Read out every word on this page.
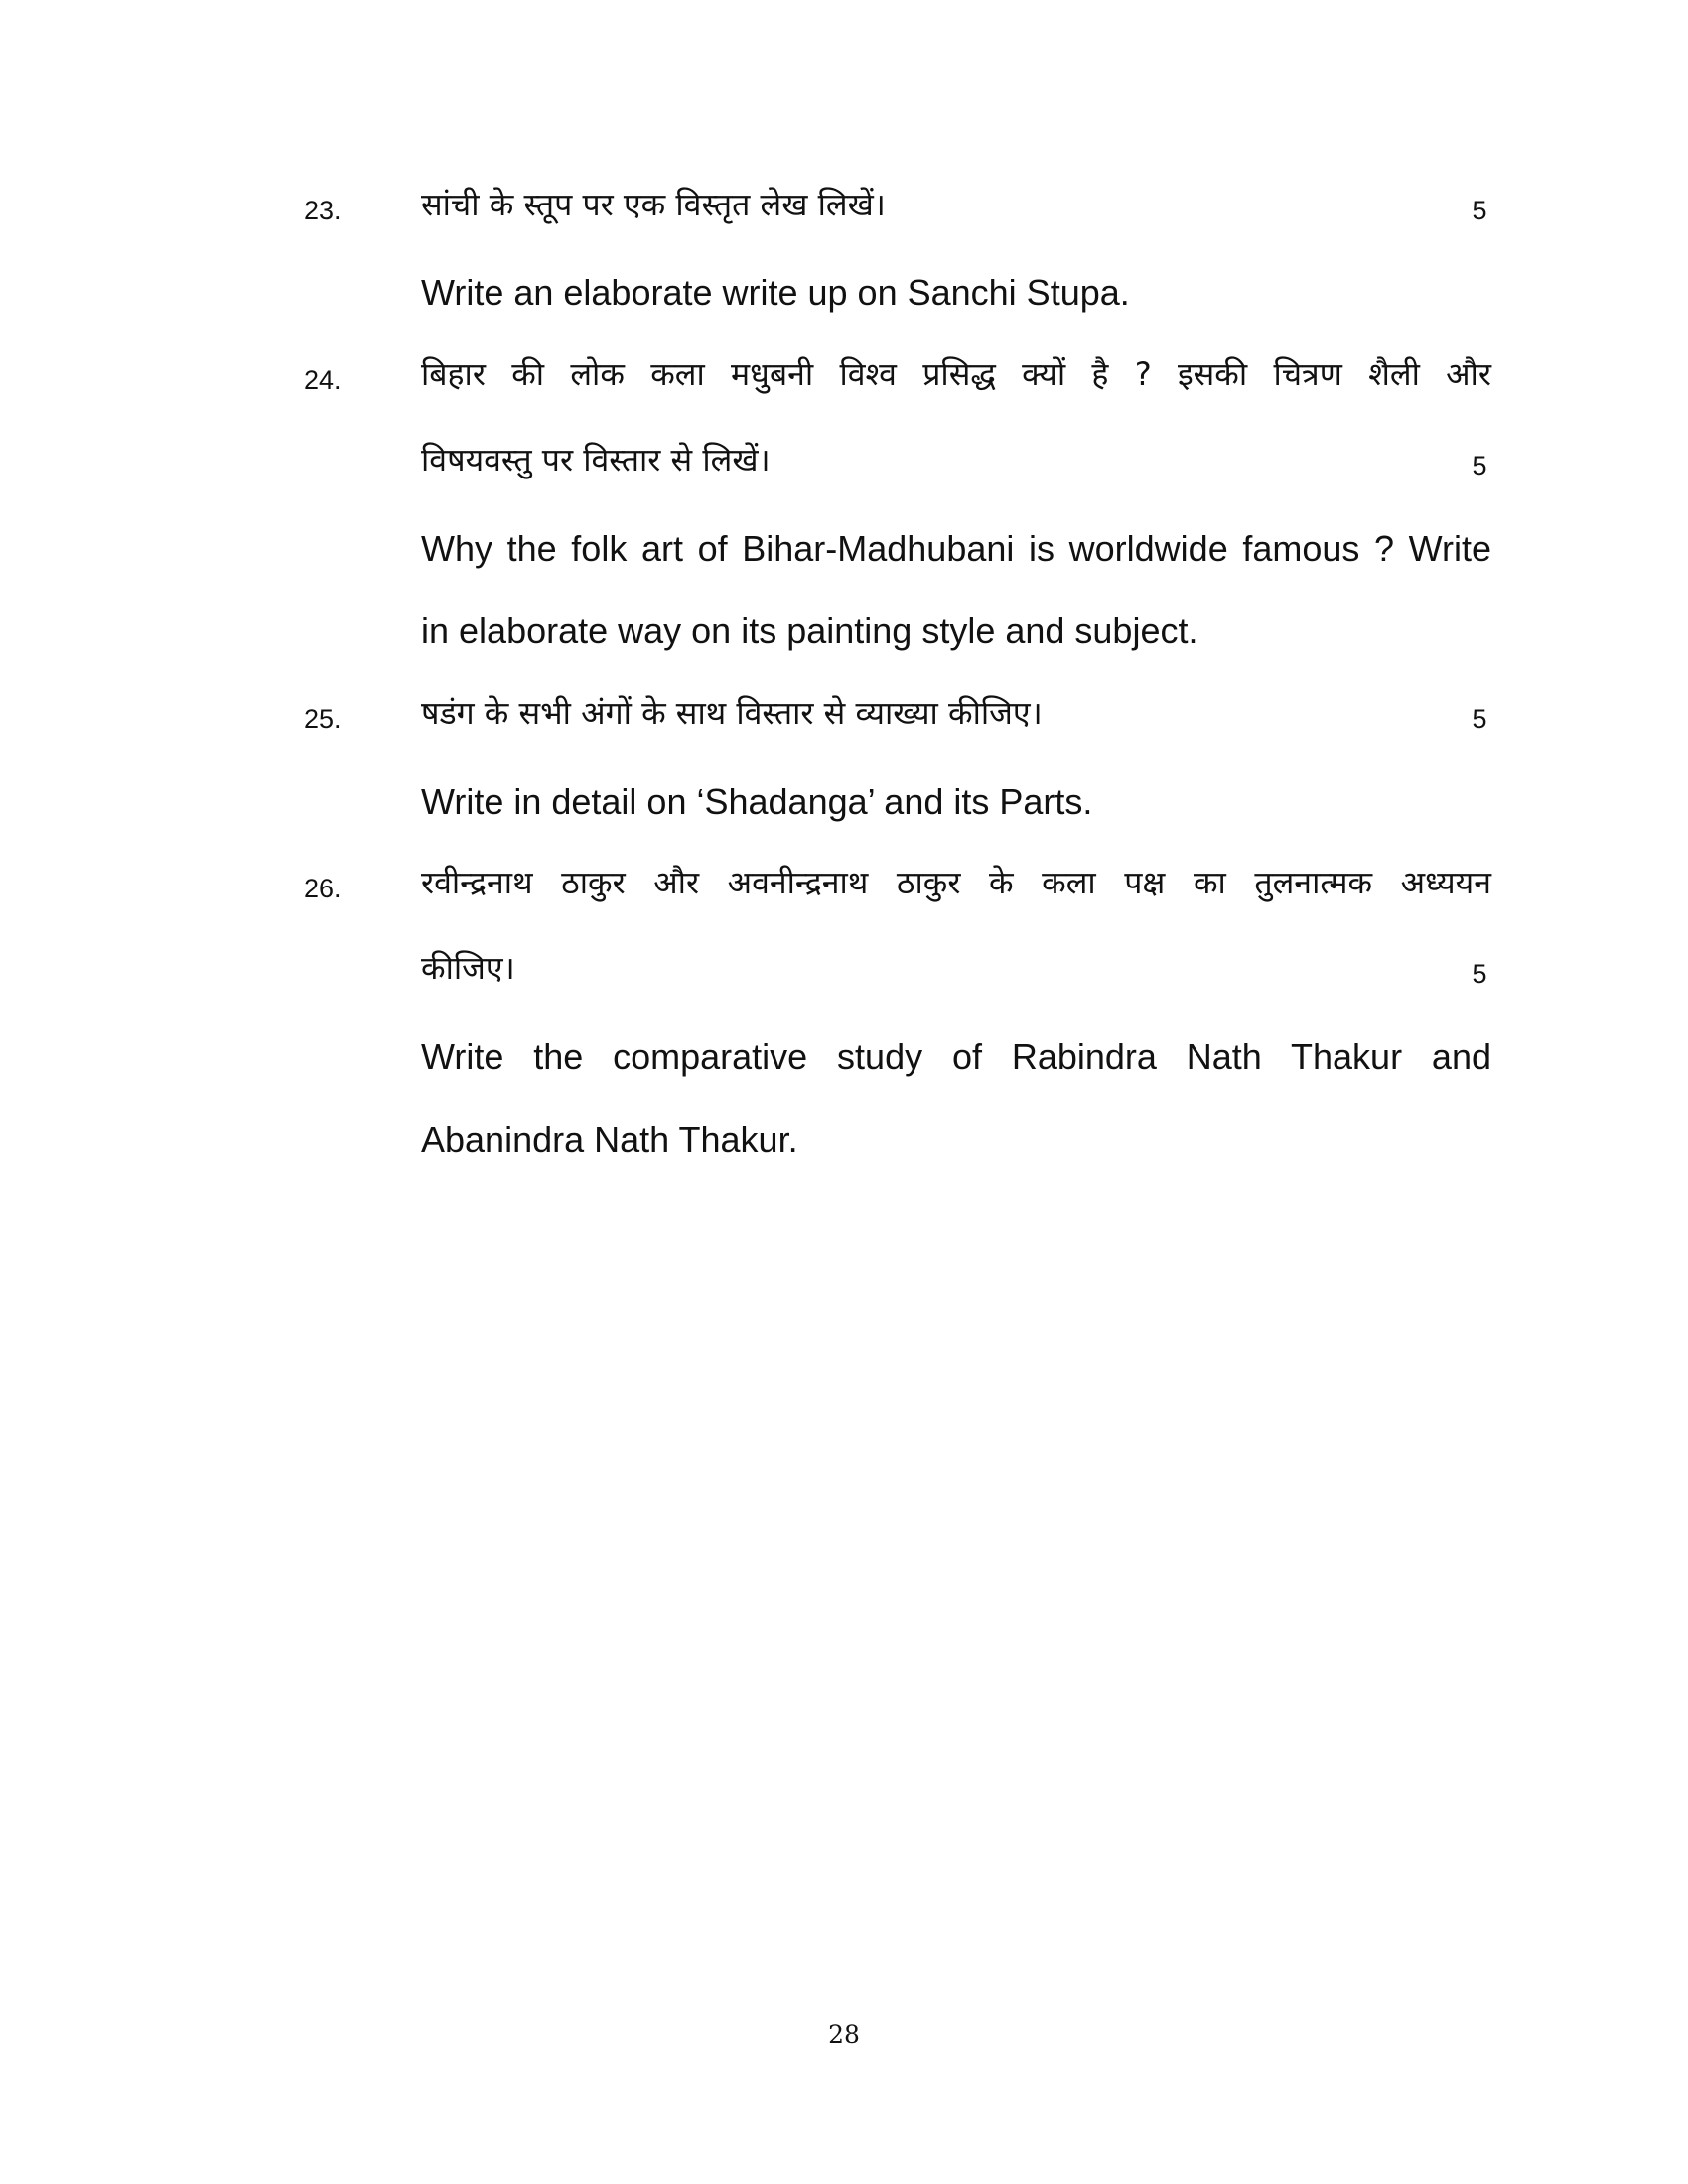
23.	सांची के स्तूप पर एक विस्तृत लेख लिखें।	5
Write an elaborate write up on Sanchi Stupa.
24.	बिहार की लोक कला मधुबनी विश्व प्रसिद्ध क्यों है ? इसकी चित्रण शैली और
विषयवस्तु पर विस्तार से लिखें।	5
Why the folk art of Bihar-Madhubani is worldwide famous ? Write
in elaborate way on its painting style and subject.
25.	षडंग के सभी अंगों के साथ विस्तार से व्याख्या कीजिए।	5
Write in detail on ‘Shadanga’ and its Parts.
26.	रवीन्द्रनाथ ठाकुर और अवनीन्द्रनाथ ठाकुर के कला पक्ष का तुलनात्मक अध्ययन
कीजिए।	5
Write the comparative study of Rabindra Nath Thakur and
Abanindra Nath Thakur.
28
